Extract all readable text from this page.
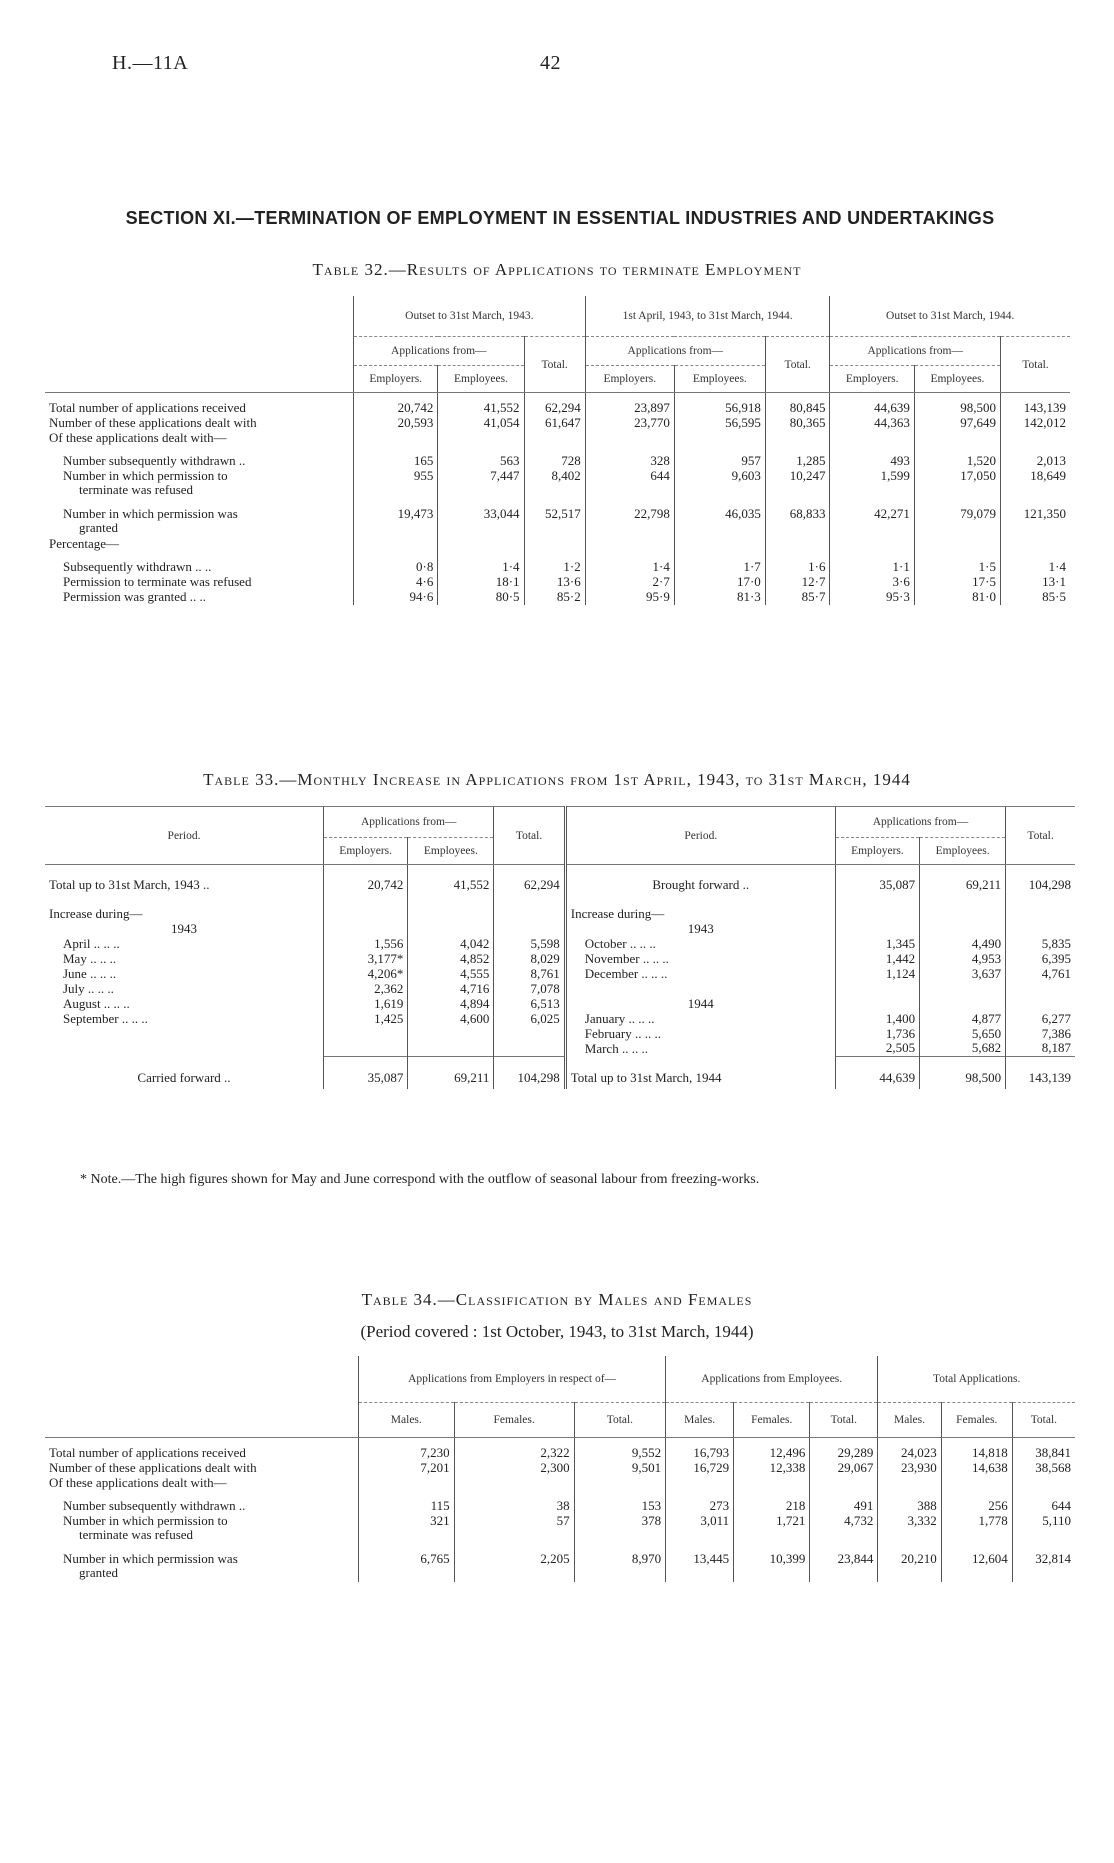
H.—11A	42
SECTION XI.—TERMINATION OF EMPLOYMENT IN ESSENTIAL INDUSTRIES AND UNDERTAKINGS
Table 32.—Results of Applications to terminate Employment
	Outset to 31st March, 1943.			1st April, 1943, to 31st March, 1944.			Outset to 31st March, 1944.		
	Applications from—		Total.	Applications from—		Total.	Applications from—		Total.
	Employers.	Employees.		Employers.	Employees.		Employers.	Employees.	

Total number of applications received	20,742	41,552	62,294	23,897	56,918	80,845	44,639	98,500	143,139

Number of these applications dealt with	20,593	41,054	61,647	23,770	56,595	80,365	44,363	97,649	142,012

Of these applications dealt with—									

Number subsequently withdrawn ..	165	563	728	328	957	1,285	493	1,520	2,013

Number in which permission to
terminate was refused	955	7,447	8,402	644	9,603	10,247	1,599	17,050	18,649

Number in which permission was
granted	19,473	33,044	52,517	22,798	46,035	68,833	42,271	79,079	121,350

Percentage—									

Subsequently withdrawn .. ..	0·8	1·4	1·2	1·4	1·7	1·6	1·1	1·5	1·4

Permission to terminate was refused	4·6	18·1	13·6	2·7	17·0	12·7	3·6	17·5	13·1

Permission was granted .. ..	94·6	80·5	85·2	95·9	81·3	85·7	95·3	81·0	85·5
Table 33.—Monthly Increase in Applications from 1st April, 1943, to 31st March, 1944
Period.	Applications from—		Total.	Period.	Applications from—		Total.
	Employers.	Employees.			Employers.	Employees.	
Total up to 31st March, 1943 ..	20,742	41,552	62,294	Brought forward ..	35,087	69,211	104,298
Increase during—				Increase during—			
1943				1943			
April .. .. ..	1,556	4,042	5,598	October .. .. ..	1,345	4,490	5,835
May .. .. ..	3,177*	4,852	8,029	November .. .. ..	1,442	4,953	6,395
June .. .. ..	4,206*	4,555	8,761	December .. .. ..	1,124	3,637	4,761
July .. .. ..	2,362	4,716	7,078				
August .. .. ..	1,619	4,894	6,513	1944			
September .. .. ..	1,425	4,600	6,025	January .. .. ..	1,400	4,877	6,277
				February .. .. ..	1,736	5,650	7,386
				March .. .. ..	2,505	5,682	8,187
Carried forward ..	35,087	69,211	104,298	Total up to 31st March, 1944	44,639	98,500	143,139
* Note.—The high figures shown for May and June correspond with the outflow of seasonal labour from freezing-works.
Table 34.—Classification by Males and Females
(Period covered : 1st October, 1943, to 31st March, 1944)
	Applications from Employers in respect of—			Applications from Employees.			Total Applications.		
	Males.	Females.	Total.	Males.	Females.	Total.	Males.	Females.	Total.

Total number of applications received	7,230	2,322	9,552	16,793	12,496	29,289	24,023	14,818	38,841

Number of these applications dealt with	7,201	2,300	9,501	16,729	12,338	29,067	23,930	14,638	38,568

Of these applications dealt with—									

Number subsequently withdrawn ..	115	38	153	273	218	491	388	256	644

Number in which permission to
terminate was refused	321	57	378	3,011	1,721	4,732	3,332	1,778	5,110

Number in which permission was
granted	6,765	2,205	8,970	13,445	10,399	23,844	20,210	12,604	32,814
